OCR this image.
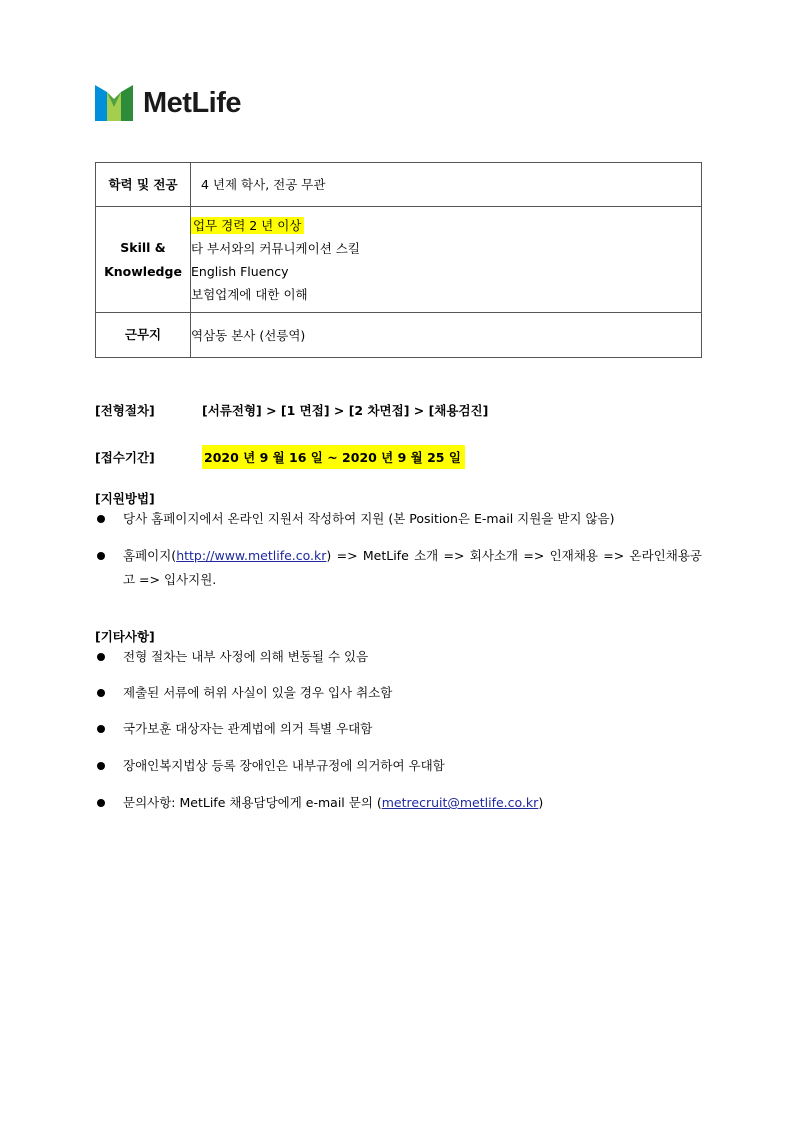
MetLife
학력 및 전공	4 년제 학사, 전공 무관

Skill &
Knowledge	업무 경력 2 년 이상
타 부서와의 커뮤니케이션 스킬
English Fluency
보험업계에 대한 이해

근무지	역삼동 본사 (선릉역)
[전형절차]	[서류전형] > [1 면접] > [2 차면접] > [채용검진]
[접수기간]	2020 년 9 월 16 일 ~ 2020 년 9 월 25 일
[지원방법]
당사 홈페이지에서 온라인 지원서 작성하여 지원 (본 Position은 E-mail 지원을 받지 않음)
홈페이지(http://www.metlife.co.kr) => MetLife 소개 => 회사소개 => 인재채용 => 온라인채용공고 => 입사지원.
[기타사항]
전형 절차는 내부 사정에 의해 변동될 수 있음
제출된 서류에 허위 사실이 있을 경우 입사 취소함
국가보훈 대상자는 관계법에 의거 특별 우대함
장애인복지법상 등록 장애인은 내부규정에 의거하여 우대함
문의사항: MetLife 채용담당에게 e-mail 문의 (metrecruit@metlife.co.kr)
